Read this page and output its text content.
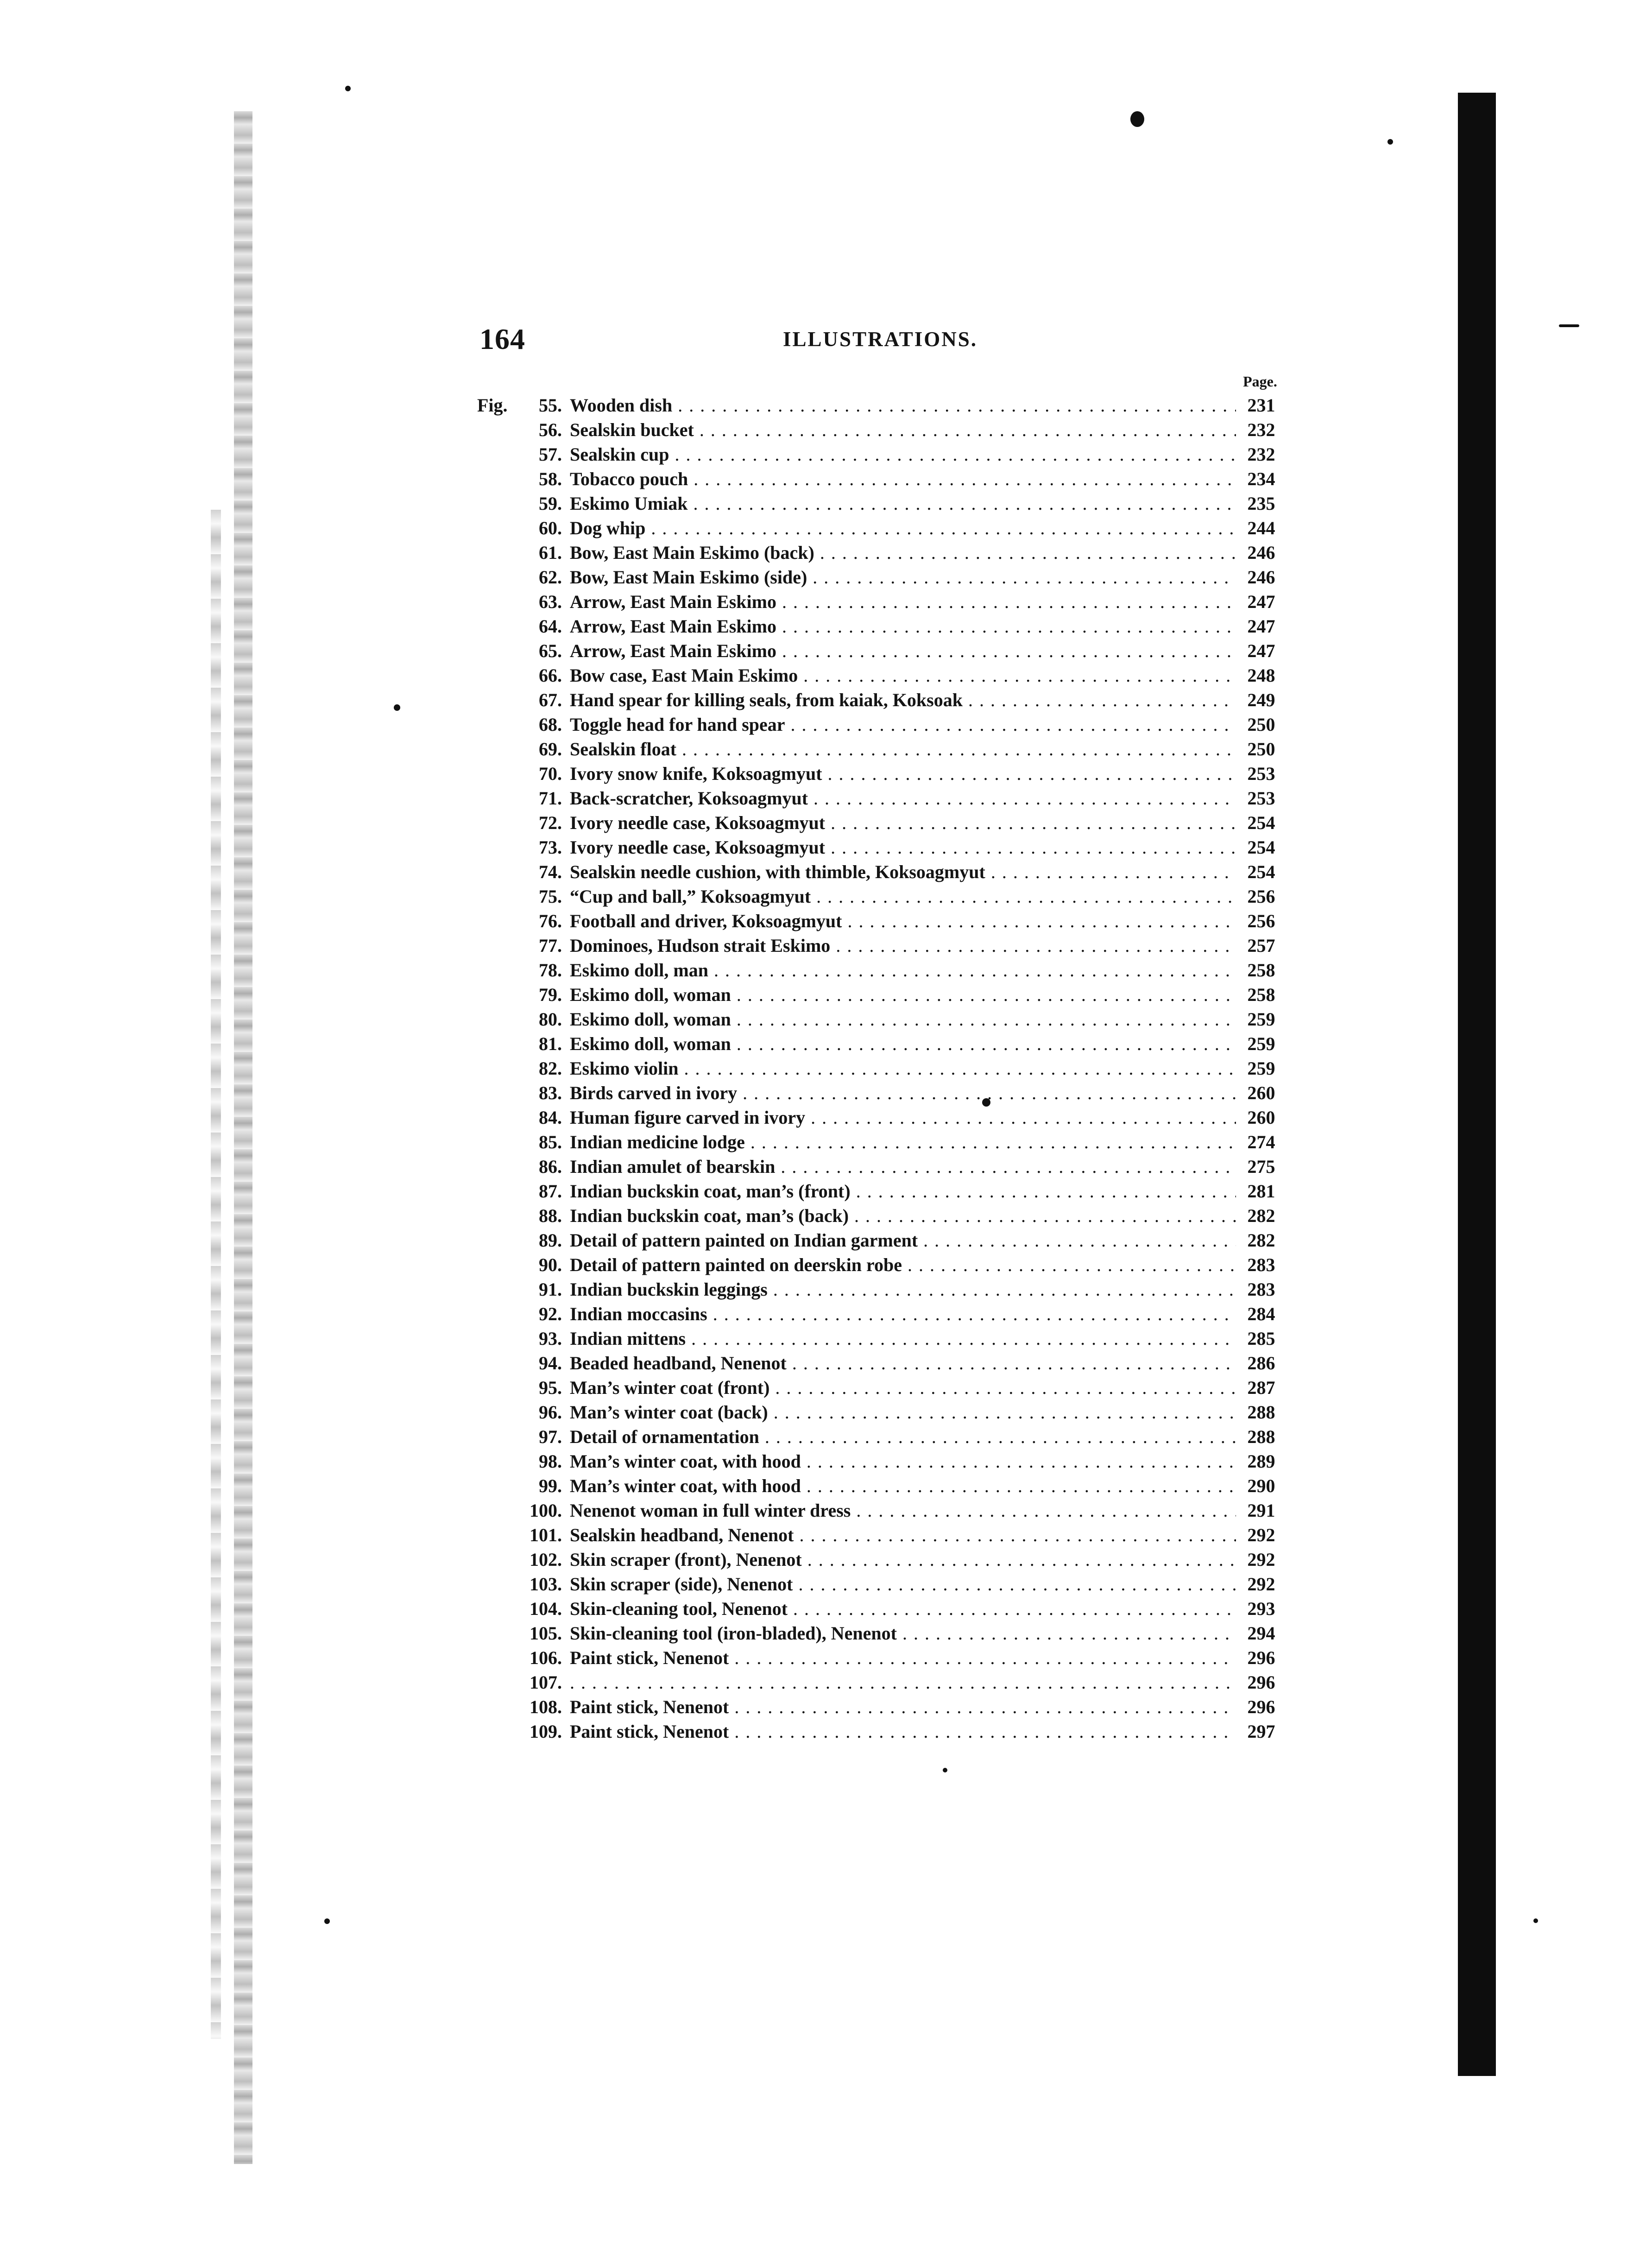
164	ILLUSTRATIONS.
Page.
Fig.	55. Wooden dish . . .	231
56. Sealskin bucket . . .	232
57. Sealskin cup . . .	232
58. Tobacco pouch . . .	234
59. Eskimo Umiak . . .	235
60. Dog whip . . .	244
61. Bow, East Main Eskimo (back) . . .	246
62. Bow, East Main Eskimo (side) . . .	246
63. Arrow, East Main Eskimo . . .	247
64. Arrow, East Main Eskimo . . .	247
65. Arrow, East Main Eskimo . . .	247
66. Bow case, East Main Eskimo . . .	248
67. Hand spear for killing seals, from kaiak, Koksoak . . .	249
68. Toggle head for hand spear . . .	250
69. Sealskin float . . .	250
70. Ivory snow knife, Koksoagmyut . . .	253
71. Back-scratcher, Koksoagmyut . . .	253
72. Ivory needle case, Koksoagmyut . . .	254
73. Ivory needle case, Koksoagmyut . . .	254
74. Sealskin needle cushion, with thimble, Koksoagmyut . . .	254
75. “Cup and ball,” Koksoagmyut . . .	256
76. Football and driver, Koksoagmyut . . .	256
77. Dominoes, Hudson strait Eskimo . . .	257
78. Eskimo doll, man . . .	258
79. Eskimo doll, woman . . .	258
80. Eskimo doll, woman . . .	259
81. Eskimo doll, woman . . .	259
82. Eskimo violin . . .	259
83. Birds carved in ivory . . .	260
84. Human figure carved in ivory . . .	260
85. Indian medicine lodge . . .	274
86. Indian amulet of bearskin . . .	275
87. Indian buckskin coat, man’s (front) . . .	281
88. Indian buckskin coat, man’s (back) . . .	282
89. Detail of pattern painted on Indian garment . . .	282
90. Detail of pattern painted on deerskin robe . . .	283
91. Indian buckskin leggings . . .	283
92. Indian moccasins . . .	284
93. Indian mittens . . .	285
94. Beaded headband, Nenenot . . .	286
95. Man’s winter coat (front) . . .	287
96. Man’s winter coat (back) . . .	288
97. Detail of ornamentation . . .	288
98. Man’s winter coat, with hood . . .	289
99. Man’s winter coat, with hood . . .	290
100. Nenenot woman in full winter dress . . .	291
101. Sealskin headband, Nenenot . . .	292
102. Skin scraper (front), Nenenot . . .	292
103. Skin scraper (side), Nenenot . . .	292
104. Skin-cleaning tool, Nenenot . . .	293
105. Skin-cleaning tool (iron-bladed), Nenenot . . .	294
106. Paint stick, Nenenot . . .	296
107. . . .	296
108. Paint stick, Nenenot . . .	296
109. Paint stick, Nenenot . . .	297
